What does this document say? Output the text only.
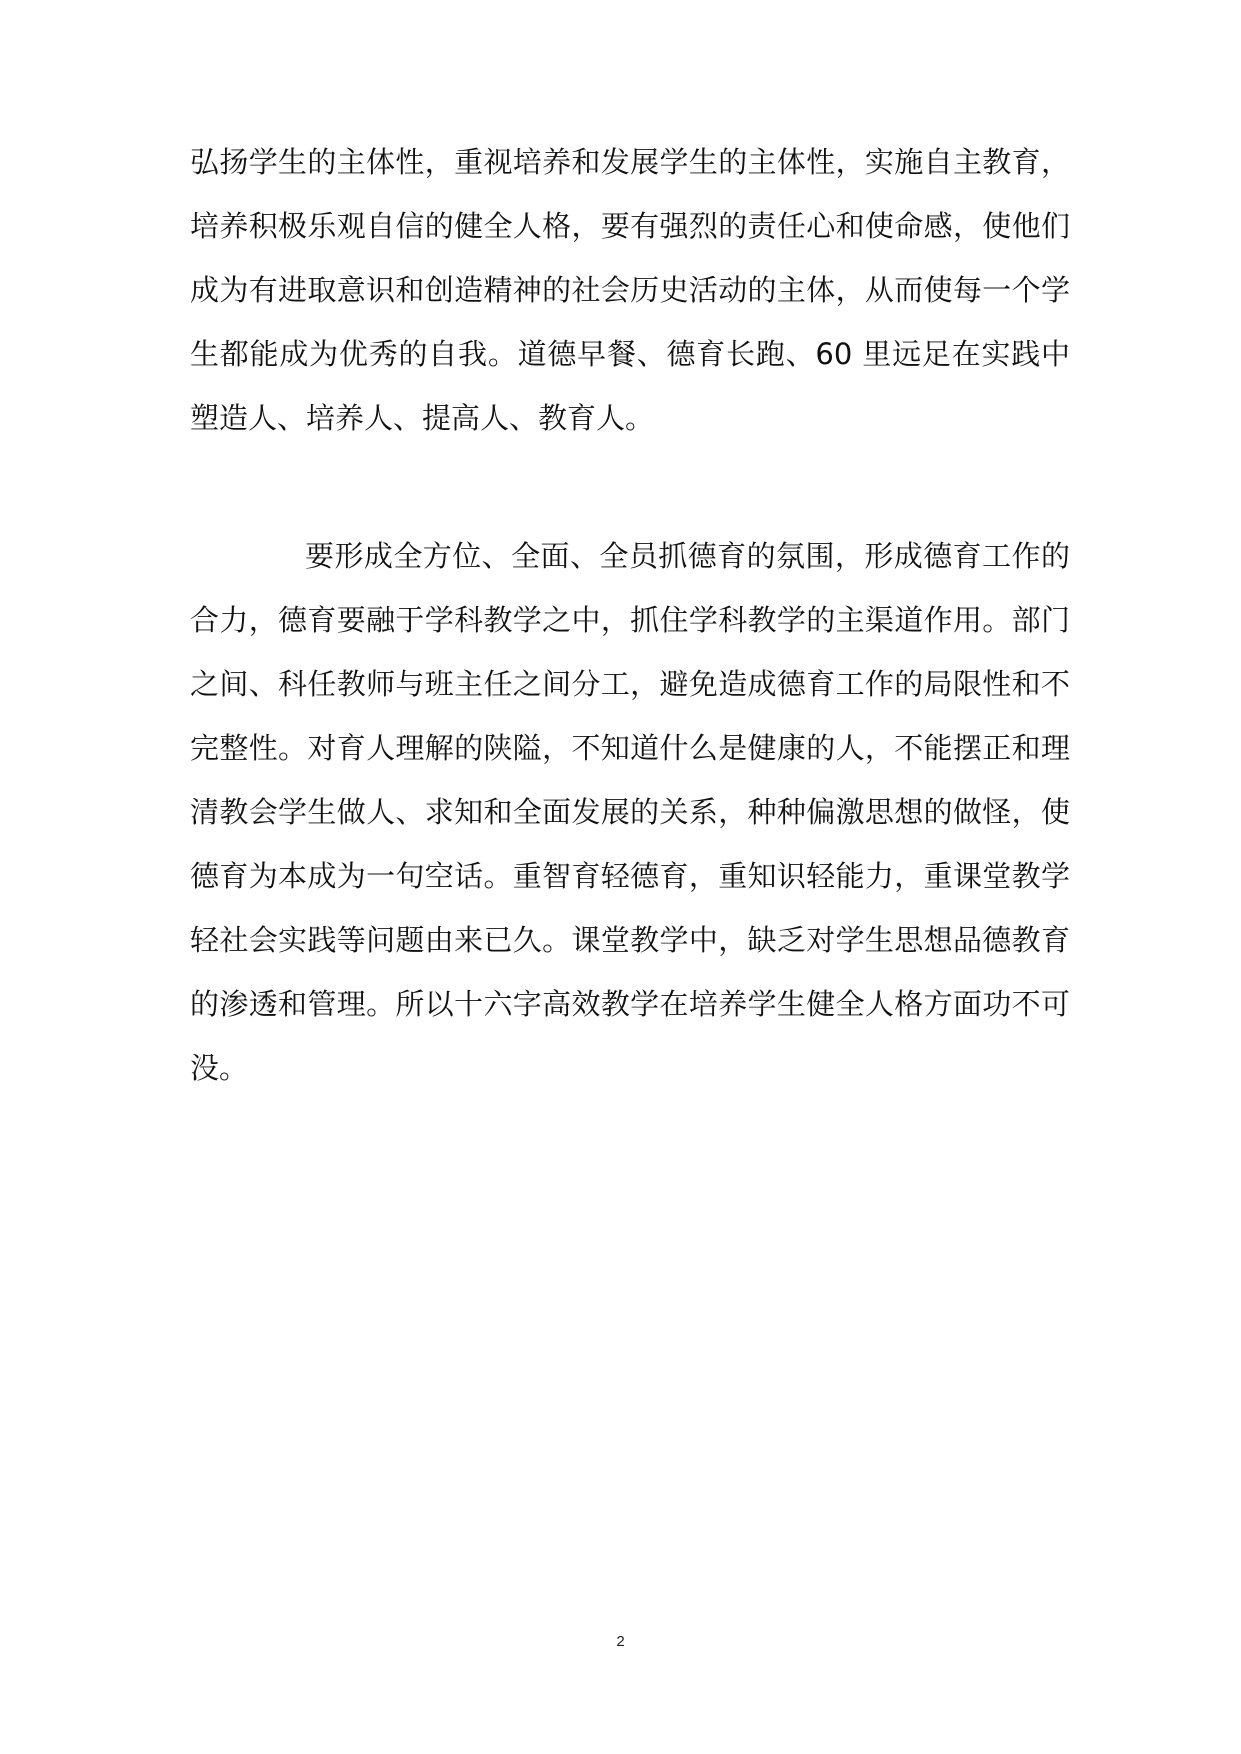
弘扬学生的主体性，重视培养和发展学生的主体性，实施自主教育，
培养积极乐观自信的健全人格，要有强烈的责任心和使命感，使他们
成为有进取意识和创造精神的社会历史活动的主体，从而使每一个学
生都能成为优秀的自我。道德早餐、德育长跑、60 里远足在实践中
塑造人、培养人、提高人、教育人。
要形成全方位、全面、全员抓德育的氛围，形成德育工作的
合力，德育要融于学科教学之中，抓住学科教学的主渠道作用。部门
之间、科任教师与班主任之间分工，避免造成德育工作的局限性和不
完整性。对育人理解的陕隘，不知道什么是健康的人，不能摆正和理
清教会学生做人、求知和全面发展的关系，种种偏激思想的做怪，使
德育为本成为一句空话。重智育轻德育，重知识轻能力，重课堂教学
轻社会实践等问题由来已久。课堂教学中，缺乏对学生思想品德教育
的渗透和管理。所以十六字高效教学在培养学生健全人格方面功不可
没。
2
